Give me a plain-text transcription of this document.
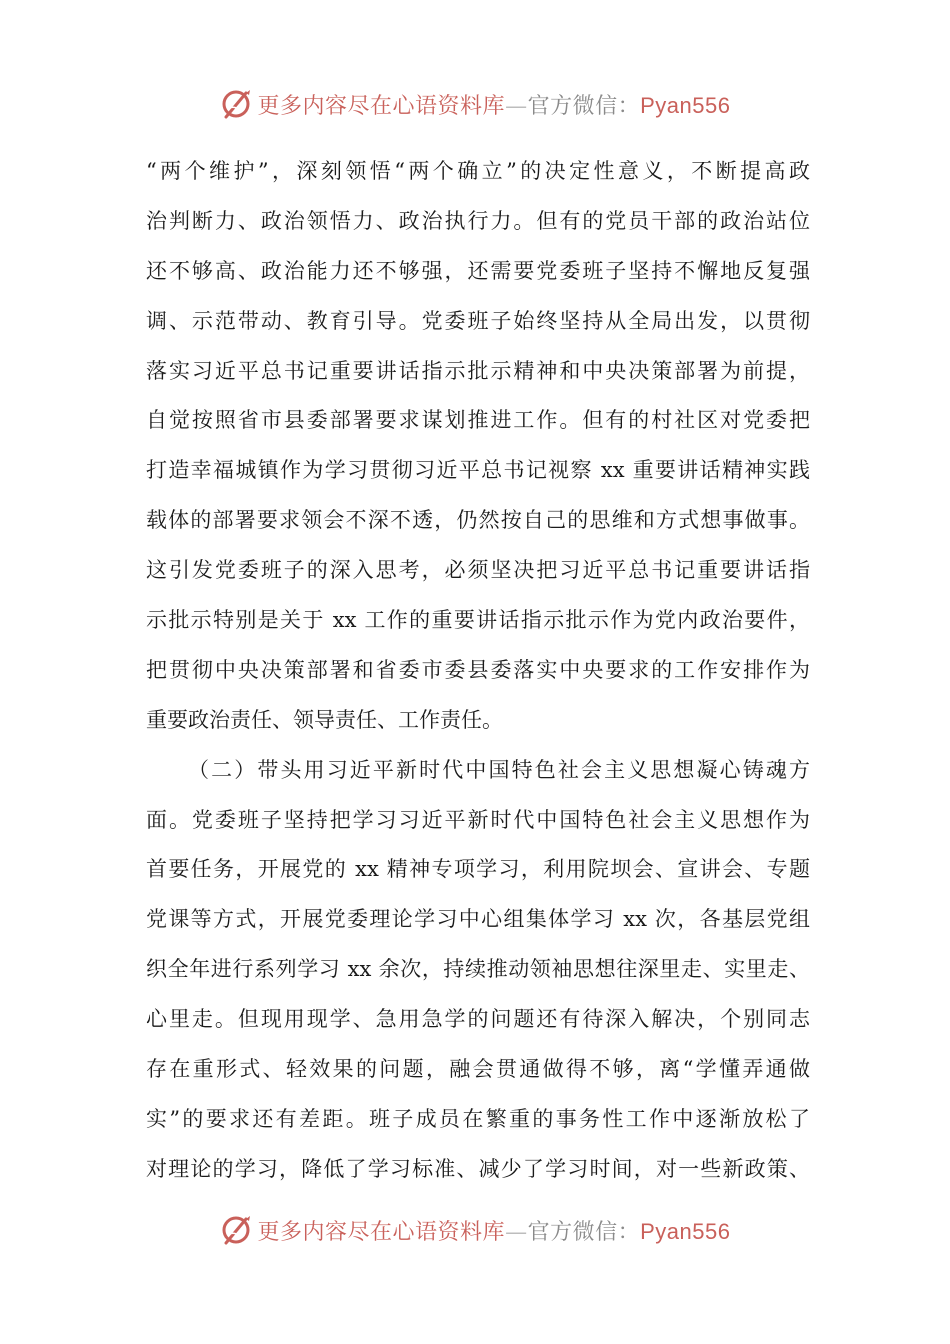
更多内容尽在心语资料库—官方微信：Pyan556
“两个维护”，深刻领悟“两个确立”的决定性意义，不断提高政
治判断力、政治领悟力、政治执行力。但有的党员干部的政治站位
还不够高、政治能力还不够强，还需要党委班子坚持不懈地反复强
调、示范带动、教育引导。党委班子始终坚持从全局出发，以贯彻
落实习近平总书记重要讲话指示批示精神和中央决策部署为前提，
自觉按照省市县委部署要求谋划推进工作。但有的村社区对党委把
打造幸福城镇作为学习贯彻习近平总书记视察 xx 重要讲话精神实践
载体的部署要求领会不深不透，仍然按自己的思维和方式想事做事。
这引发党委班子的深入思考，必须坚决把习近平总书记重要讲话指
示批示特别是关于 xx 工作的重要讲话指示批示作为党内政治要件，
把贯彻中央决策部署和省委市委县委落实中央要求的工作安排作为
重要政治责任、领导责任、工作责任。
（二）带头用习近平新时代中国特色社会主义思想凝心铸魂方
面。党委班子坚持把学习习近平新时代中国特色社会主义思想作为
首要任务，开展党的 xx 精神专项学习，利用院坝会、宣讲会、专题
党课等方式，开展党委理论学习中心组集体学习 xx 次，各基层党组
织全年进行系列学习 xx 余次，持续推动领袖思想往深里走、实里走、
心里走。但现用现学、急用急学的问题还有待深入解决，个别同志
存在重形式、轻效果的问题，融会贯通做得不够，离“学懂弄通做
实”的要求还有差距。班子成员在繁重的事务性工作中逐渐放松了
对理论的学习，降低了学习标准、减少了学习时间，对一些新政策、
更多内容尽在心语资料库—官方微信：Pyan556
